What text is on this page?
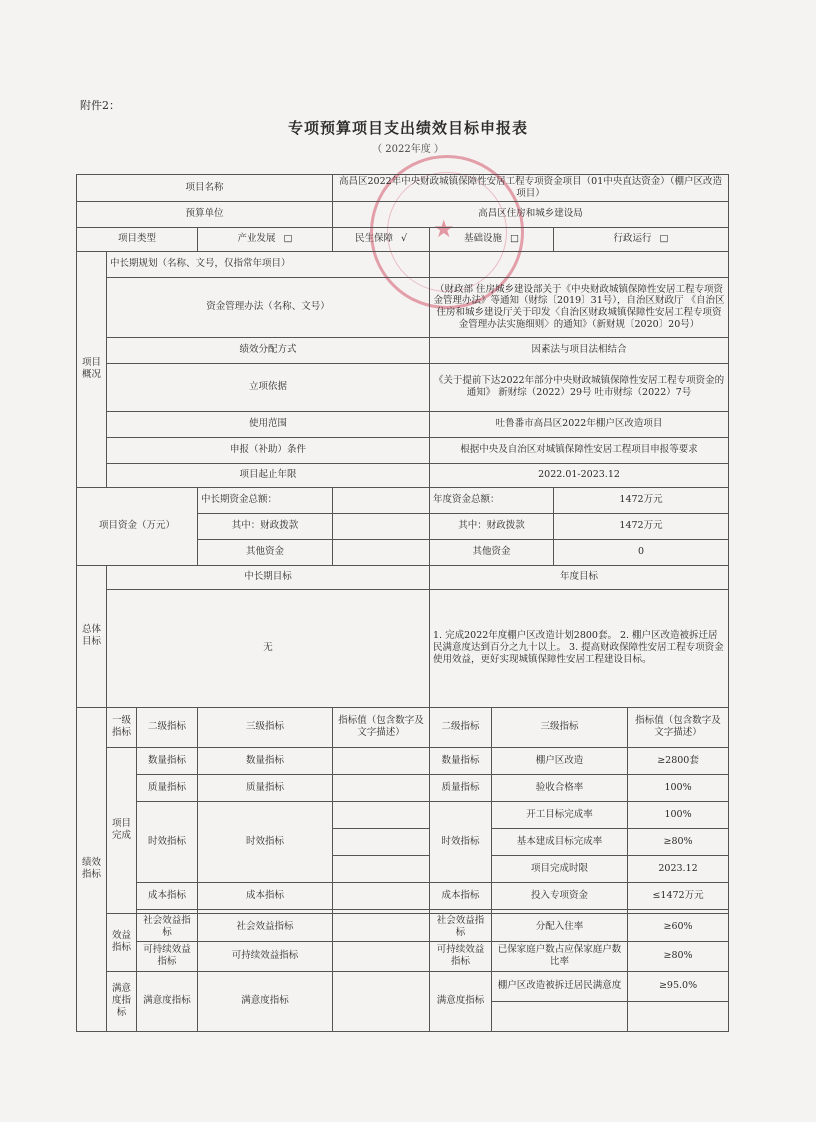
附件2：
专项预算项目支出绩效目标申报表
（ 2022年度 ）
★
项目名称				高昌区2022年中央财政城镇保障性安居工程专项资金项目（01中央直达资金）（棚户区改造项目）				
预算单位				高昌区住房和城乡建设局				
项目类型			产业发展 □	民生保障 √	基础设施 □		行政运行 □	
项目概况	中长期规划（名称、文号，仅指常年项目）							
	资金管理办法（名称、文号）				（财政部 住房城乡建设部关于《中央财政城镇保障性安居工程专项资金管理办法》等通知（财综〔2019〕31号），自治区财政厅 《自治区住房和城乡建设厅关于印发〈自治区财政城镇保障性安居工程专项资金管理办法实施细则〉的通知》（新财规〔2020〕20号）			
	绩效分配方式				因素法与项目法相结合			
	立项依据				《关于提前下达2022年部分中央财政城镇保障性安居工程专项资金的通知》 新财综（2022）29号 吐市财综（2022）7号			
	使用范围				吐鲁番市高昌区2022年棚户区改造项目			
	申报（补助）条件				根据中央及自治区对城镇保障性安居工程项目申报等要求			
	项目起止年限				2022.01-2023.12			
项目资金（万元）			中长期资金总额：		年度资金总额：		1472万元	
			其中：财政拨款		其中：财政拨款		1472万元	
			其他资金		其他资金		0	
总体目标	中长期目标				年度目标			
	无				1. 完成2022年度棚户区改造计划2800套。 2. 棚户区改造被拆迁居民满意度达到百分之九十以上。 3. 提高财政保障性安居工程专项资金使用效益，更好实现城镇保障性安居工程建设目标。			
绩效指标	一级指标	二级指标	三级指标	指标值（包含数字及文字描述）	二级指标	三级指标		指标值（包含数字及文字描述）
	项目完成	数量指标	数量指标		数量指标	棚户区改造		≥2800套
		质量指标	质量指标		质量指标	验收合格率		100%
		时效指标	时效指标		时效指标	开工目标完成率		100%
						基本建成目标完成率		≥80%
						项目完成时限		2023.12
		成本指标	成本指标		成本指标	投入专项资金		≤1472万元

	效益指标	社会效益指标	社会效益指标		社会效益指标	分配入住率		≥60%
		可持续效益指标	可持续效益指标		可持续效益指标	已保家庭户数占应保家庭户数比率		≥80%
	满意度指标	满意度指标	满意度指标		满意度指标	棚户区改造被拆迁居民满意度		≥95.0%
